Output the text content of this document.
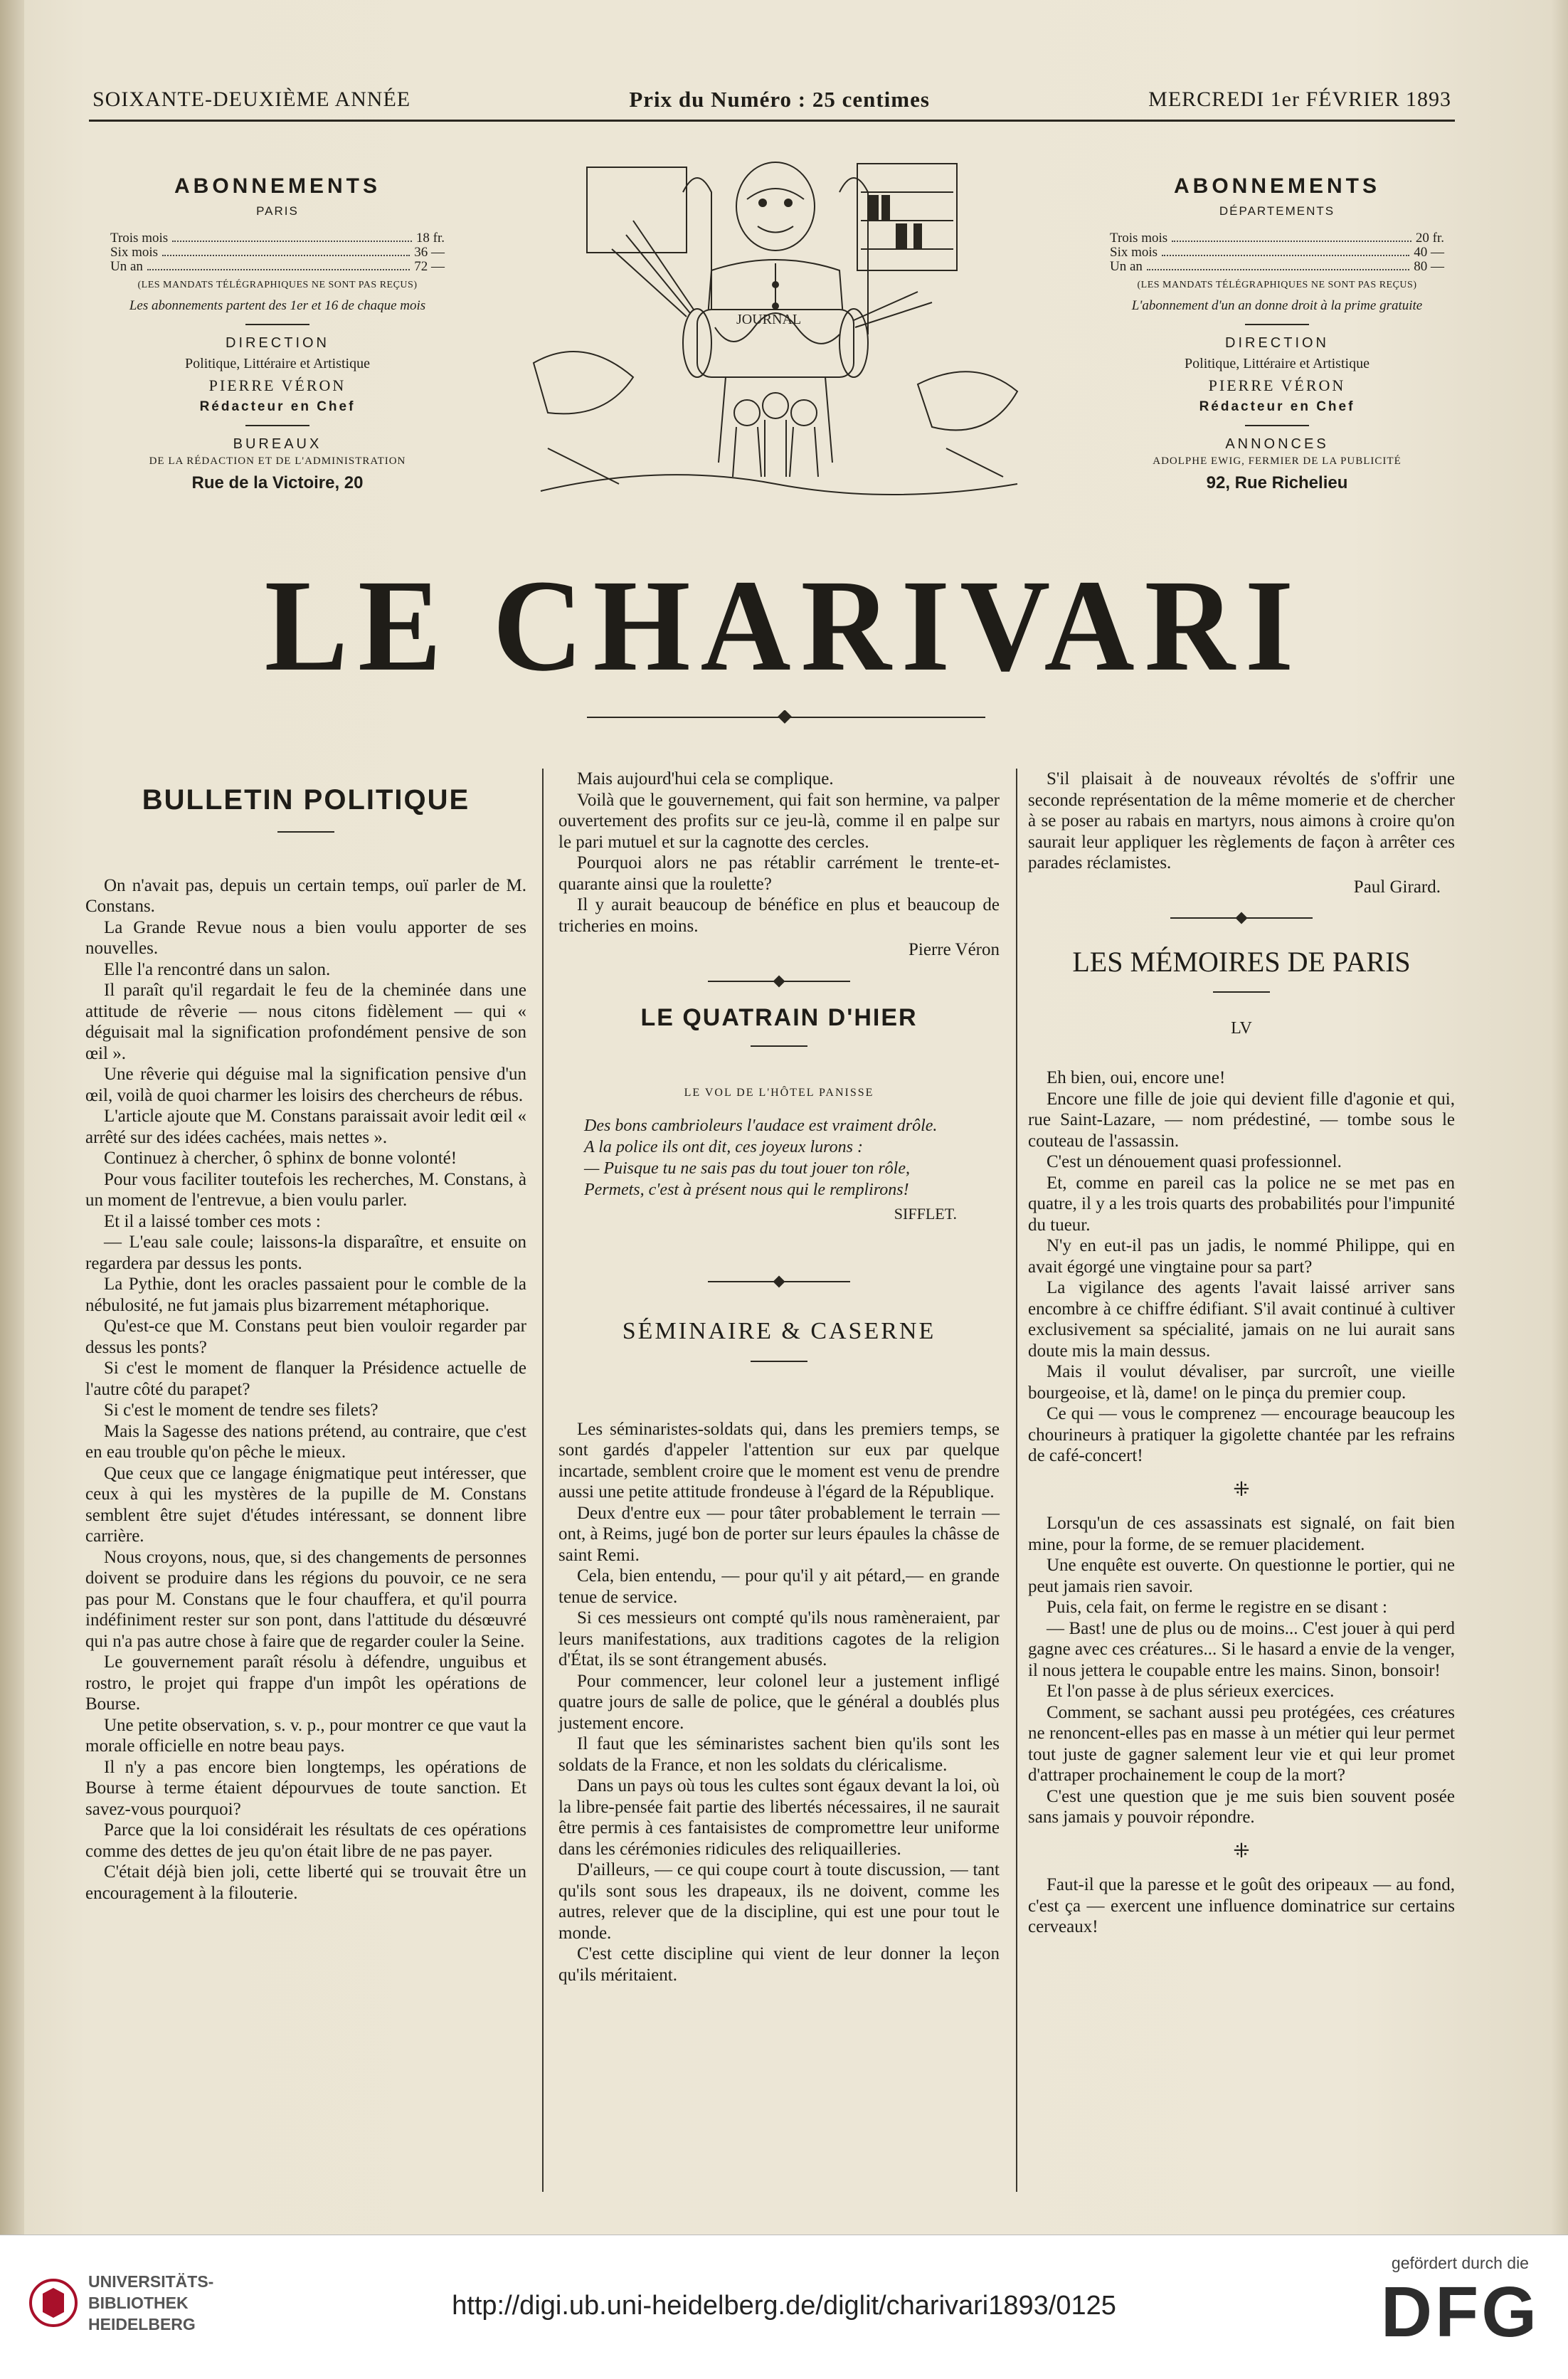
SOIXANTE-DEUXIÈME ANNÉE	Prix du Numéro : 25 centimes	MERCREDI 1er FÉVRIER 1893
ABONNEMENTS
PARIS
Trois mois	18 fr.
Six mois	36 —
Un an	72 —
(LES MANDATS TÉLÉGRAPHIQUES NE SONT PAS REÇUS)
Les abonnements partent des 1er et 16 de chaque mois
DIRECTION
Politique, Littéraire et Artistique
PIERRE VÉRON
Rédacteur en Chef
BUREAUX
DE LA RÉDACTION ET DE L'ADMINISTRATION
Rue de la Victoire, 20
ABONNEMENTS
DÉPARTEMENTS
Trois mois	20 fr.
Six mois	40 —
Un an	80 —
(LES MANDATS TÉLÉGRAPHIQUES NE SONT PAS REÇUS)
L'abonnement d'un an donne droit à la prime gratuite
DIRECTION
Politique, Littéraire et Artistique
PIERRE VÉRON
Rédacteur en Chef
ANNONCES
ADOLPHE EWIG, FERMIER DE LA PUBLICITÉ
92, Rue Richelieu
JOURNAL
LE CHARIVARI
BULLETIN POLITIQUE

On n'avait pas, depuis un certain temps, ouï parler de M. Constans.

La Grande Revue nous a bien voulu apporter de ses nouvelles.

Elle l'a rencontré dans un salon.

Il paraît qu'il regardait le feu de la cheminée dans une attitude de rêverie — nous citons fidèlement — qui « déguisait mal la signification profondément pensive de son œil ».

Une rêverie qui déguise mal la signification pensive d'un œil, voilà de quoi charmer les loisirs des chercheurs de rébus.

L'article ajoute que M. Constans paraissait avoir ledit œil « arrêté sur des idées cachées, mais nettes ».

Continuez à chercher, ô sphinx de bonne volonté!

Pour vous faciliter toutefois les recherches, M. Constans, à un moment de l'entrevue, a bien voulu parler.

Et il a laissé tomber ces mots :

— L'eau sale coule; laissons-la disparaître, et ensuite on regardera par dessus les ponts.

La Pythie, dont les oracles passaient pour le comble de la nébulosité, ne fut jamais plus bizarrement métaphorique.

Qu'est-ce que M. Constans peut bien vouloir regarder par dessus les ponts?

Si c'est le moment de flanquer la Présidence actuelle de l'autre côté du parapet?

Si c'est le moment de tendre ses filets?

Mais la Sagesse des nations prétend, au contraire, que c'est en eau trouble qu'on pêche le mieux.

Que ceux que ce langage énigmatique peut intéresser, que ceux à qui les mystères de la pupille de M. Constans semblent être sujet d'études intéressant, se donnent libre carrière.

Nous croyons, nous, que, si des changements de personnes doivent se produire dans les régions du pouvoir, ce ne sera pas pour M. Constans que le four chauffera, et qu'il pourra indéfiniment rester sur son pont, dans l'attitude du désœuvré qui n'a pas autre chose à faire que de regarder couler la Seine.

Le gouvernement paraît résolu à défendre, unguibus et rostro, le projet qui frappe d'un impôt les opérations de Bourse.

Une petite observation, s. v. p., pour montrer ce que vaut la morale officielle en notre beau pays.

Il n'y a pas encore bien longtemps, les opérations de Bourse à terme étaient dépourvues de toute sanction. Et savez-vous pourquoi?

Parce que la loi considérait les résultats de ces opérations comme des dettes de jeu qu'on était libre de ne pas payer.

C'était déjà bien joli, cette liberté qui se trouvait être un encouragement à la filouterie.

Mais aujourd'hui cela se complique.

Voilà que le gouvernement, qui fait son hermine, va palper ouvertement des profits sur ce jeu-là, comme il en palpe sur le pari mutuel et sur la cagnotte des cercles.

Pourquoi alors ne pas rétablir carrément le trente-et-quarante ainsi que la roulette?

Il y aurait beaucoup de bénéfice en plus et beaucoup de tricheries en moins.

Pierre Véron
LE QUATRAIN D'HIER
LE VOL DE L'HÔTEL PANISSE

Des bons cambrioleurs l'audace est vraiment drôle.

A la police ils ont dit, ces joyeux lurons :

— Puisque tu ne sais pas du tout jouer ton rôle,

Permets, c'est à présent nous qui le remplirons!

SIFFLET.
SÉMINAIRE & CASERNE

Les séminaristes-soldats qui, dans les premiers temps, se sont gardés d'appeler l'attention sur eux par quelque incartade, semblent croire que le moment est venu de prendre aussi une petite attitude frondeuse à l'égard de la République.

Deux d'entre eux — pour tâter probablement le terrain — ont, à Reims, jugé bon de porter sur leurs épaules la châsse de saint Remi.

Cela, bien entendu, — pour qu'il y ait pétard,— en grande tenue de service.

Si ces messieurs ont compté qu'ils nous ramèneraient, par leurs manifestations, aux traditions cagotes de la religion d'État, ils se sont étrangement abusés.

Pour commencer, leur colonel leur a justement infligé quatre jours de salle de police, que le général a doublés plus justement encore.

Il faut que les séminaristes sachent bien qu'ils sont les soldats de la France, et non les soldats du cléricalisme.

Dans un pays où tous les cultes sont égaux devant la loi, où la libre-pensée fait partie des libertés nécessaires, il ne saurait être permis à ces fantaisistes de compromettre leur uniforme dans les cérémonies ridicules des reliquailleries.

D'ailleurs, — ce qui coupe court à toute discussion, — tant qu'ils sont sous les drapeaux, ils ne doivent, comme les autres, relever que de la discipline, qui est une pour tout le monde.

C'est cette discipline qui vient de leur donner la leçon qu'ils méritaient.

S'il plaisait à de nouveaux révoltés de s'offrir une seconde représentation de la même momerie et de chercher à se poser au rabais en martyrs, nous aimons à croire qu'on saurait leur appliquer les règlements de façon à arrêter ces parades réclamistes.

Paul Girard.
LES MÉMOIRES DE PARIS
LV

Eh bien, oui, encore une!

Encore une fille de joie qui devient fille d'agonie et qui, rue Saint-Lazare, — nom prédestiné, — tombe sous le couteau de l'assassin.

C'est un dénouement quasi professionnel.

Et, comme en pareil cas la police ne se met pas en quatre, il y a les trois quarts des probabilités pour l'impunité du tueur.

N'y en eut-il pas un jadis, le nommé Philippe, qui en avait égorgé une vingtaine pour sa part?

La vigilance des agents l'avait laissé arriver sans encombre à ce chiffre édifiant. S'il avait continué à cultiver exclusivement sa spécialité, jamais on ne lui aurait sans doute mis la main dessus.

Mais il voulut dévaliser, par surcroît, une vieille bourgeoise, et là, dame! on le pinça du premier coup.

Ce qui — vous le comprenez — encourage beaucoup les chourineurs à pratiquer la gigolette chantée par les refrains de café-concert!

⁜

Lorsqu'un de ces assassinats est signalé, on fait bien mine, pour la forme, de se remuer placidement.

Une enquête est ouverte. On questionne le portier, qui ne peut jamais rien savoir.

Puis, cela fait, on ferme le registre en se disant :

— Bast! une de plus ou de moins... C'est jouer à qui perd gagne avec ces créatures... Si le hasard a envie de la venger, il nous jettera le coupable entre les mains. Sinon, bonsoir!

Et l'on passe à de plus sérieux exercices.

Comment, se sachant aussi peu protégées, ces créatures ne renoncent-elles pas en masse à un métier qui leur permet tout juste de gagner salement leur vie et qui leur promet d'attraper prochainement le coup de la mort?

C'est une question que je me suis bien souvent posée sans jamais y pouvoir répondre.

⁜

Faut-il que la paresse et le goût des oripeaux — au fond, c'est ça — exercent une influence dominatrice sur certains cerveaux!

UNIVERSITÄTS-
BIBLIOTHEK
HEIDELBERG
http://digi.ub.uni-heidelberg.de/diglit/charivari1893/0125
gefördert durch die
DFG
